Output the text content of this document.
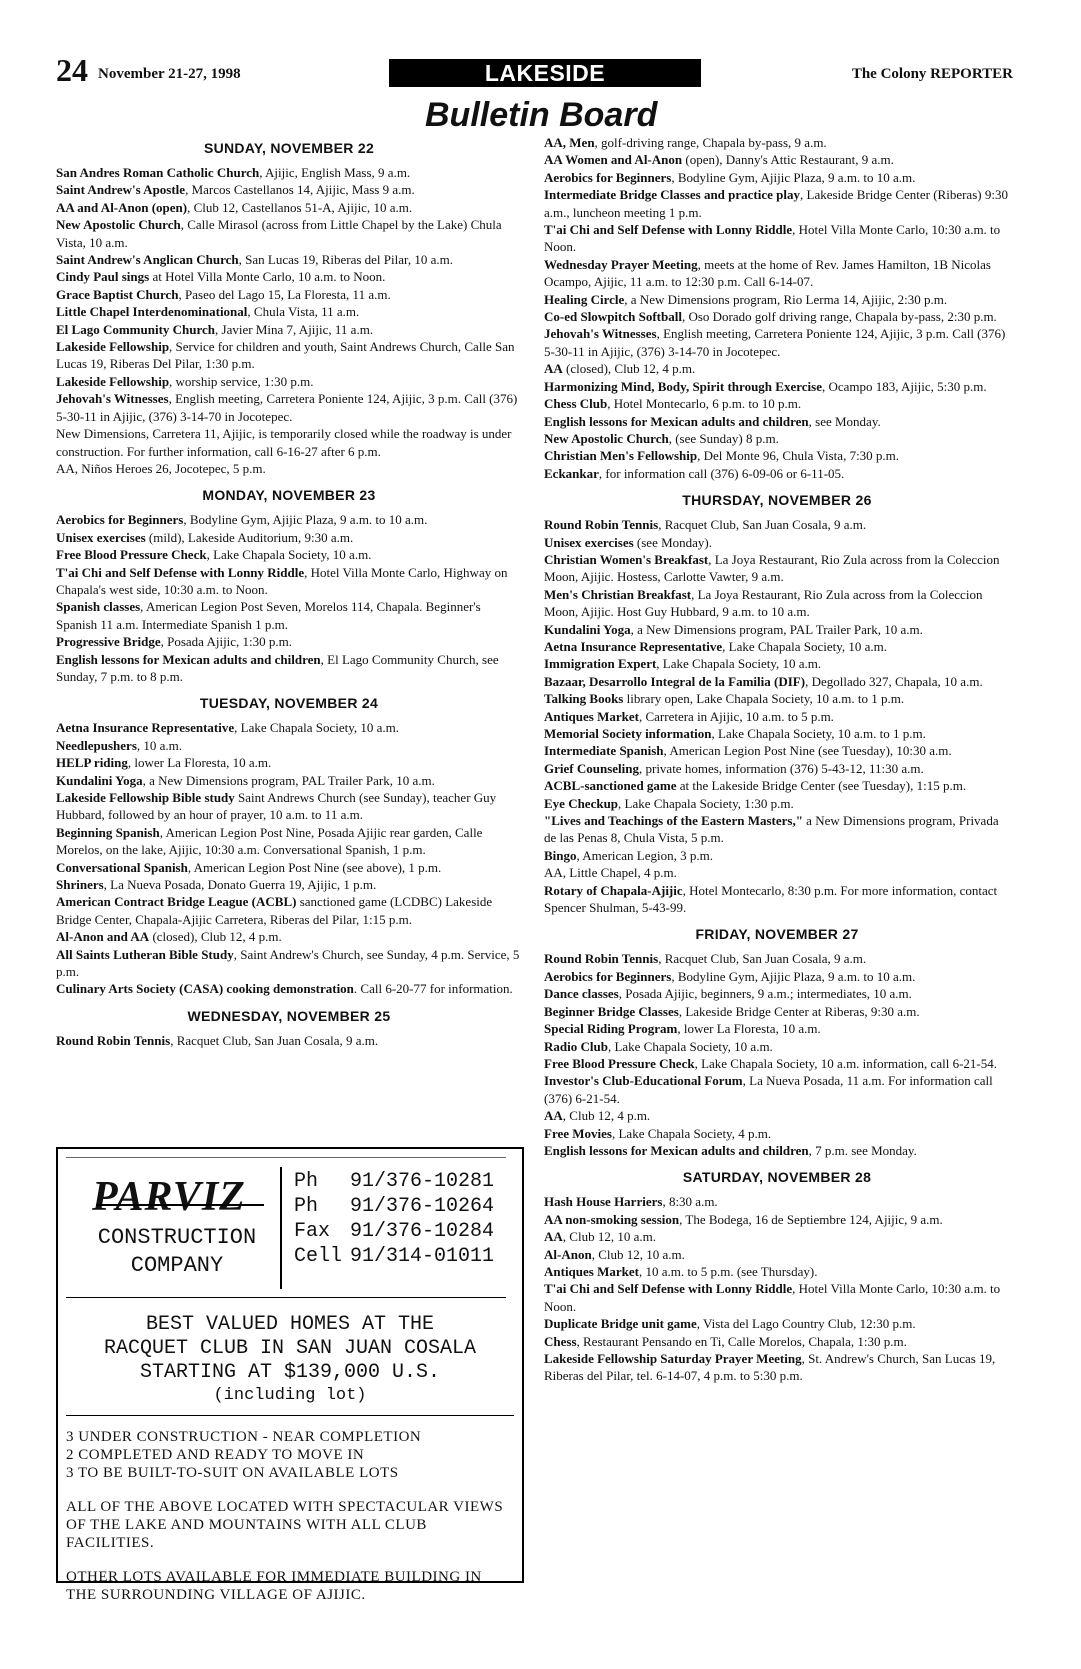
24 November 21-27, 1998	LAKESIDE	The Colony REPORTER
Bulletin Board
SUNDAY, NOVEMBER 22
San Andres Roman Catholic Church, Ajijic, English Mass, 9 a.m.
Saint Andrew's Apostle, Marcos Castellanos 14, Ajijic, Mass 9 a.m.
AA and Al-Anon (open), Club 12, Castellanos 51-A, Ajijic, 10 a.m.
New Apostolic Church, Calle Mirasol (across from Little Chapel by the Lake) Chula Vista, 10 a.m.
Saint Andrew's Anglican Church, San Lucas 19, Riberas del Pilar, 10 a.m.
Cindy Paul sings at Hotel Villa Monte Carlo, 10 a.m. to Noon.
Grace Baptist Church, Paseo del Lago 15, La Floresta, 11 a.m.
Little Chapel Interdenominational, Chula Vista, 11 a.m.
El Lago Community Church, Javier Mina 7, Ajijic, 11 a.m.
Lakeside Fellowship, Service for children and youth, Saint Andrews Church, Calle San Lucas 19, Riberas Del Pilar, 1:30 p.m.
Lakeside Fellowship, worship service, 1:30 p.m.
Jehovah's Witnesses, English meeting, Carretera Poniente 124, Ajijic, 3 p.m. Call (376) 5-30-11 in Ajijic, (376) 3-14-70 in Jocotepec.
New Dimensions, Carretera 11, Ajijic, is temporarily closed while the roadway is under construction. For further information, call 6-16-27 after 6 p.m.
AA, Niños Heroes 26, Jocotepec, 5 p.m.
MONDAY, NOVEMBER 23
Aerobics for Beginners, Bodyline Gym, Ajijic Plaza, 9 a.m. to 10 a.m.
Unisex exercises (mild), Lakeside Auditorium, 9:30 a.m.
Free Blood Pressure Check, Lake Chapala Society, 10 a.m.
T'ai Chi and Self Defense with Lonny Riddle, Hotel Villa Monte Carlo, Highway on Chapala's west side, 10:30 a.m. to Noon.
Spanish classes, American Legion Post Seven, Morelos 114, Chapala. Beginner's Spanish 11 a.m. Intermediate Spanish 1 p.m.
Progressive Bridge, Posada Ajijic, 1:30 p.m.
English lessons for Mexican adults and children, El Lago Community Church, see Sunday, 7 p.m. to 8 p.m.
TUESDAY, NOVEMBER 24
Aetna Insurance Representative, Lake Chapala Society, 10 a.m.
Needlepushers, 10 a.m.
HELP riding, lower La Floresta, 10 a.m.
Kundalini Yoga, a New Dimensions program, PAL Trailer Park, 10 a.m.
Lakeside Fellowship Bible study Saint Andrews Church (see Sunday), teacher Guy Hubbard, followed by an hour of prayer, 10 a.m. to 11 a.m.
Beginning Spanish, American Legion Post Nine, Posada Ajijic rear garden, Calle Morelos, on the lake, Ajijic, 10:30 a.m. Conversational Spanish, 1 p.m.
Conversational Spanish, American Legion Post Nine (see above), 1 p.m.
Shriners, La Nueva Posada, Donato Guerra 19, Ajijic, 1 p.m.
American Contract Bridge League (ACBL) sanctioned game (LCDBC) Lakeside Bridge Center, Chapala-Ajijic Carretera, Riberas del Pilar, 1:15 p.m.
Al-Anon and AA (closed), Club 12, 4 p.m.
All Saints Lutheran Bible Study, Saint Andrew's Church, see Sunday, 4 p.m. Service, 5 p.m.
Culinary Arts Society (CASA) cooking demonstration. Call 6-20-77 for information.
WEDNESDAY, NOVEMBER 25
Round Robin Tennis, Racquet Club, San Juan Cosala, 9 a.m.
AA, Men, golf-driving range, Chapala by-pass, 9 a.m.
AA Women and Al-Anon (open), Danny's Attic Restaurant, 9 a.m.
Aerobics for Beginners, Bodyline Gym, Ajijic Plaza, 9 a.m. to 10 a.m.
Intermediate Bridge Classes and practice play, Lakeside Bridge Center (Riberas) 9:30 a.m., luncheon meeting 1 p.m.
T'ai Chi and Self Defense with Lonny Riddle, Hotel Villa Monte Carlo, 10:30 a.m. to Noon.
Wednesday Prayer Meeting, meets at the home of Rev. James Hamilton, 1B Nicolas Ocampo, Ajijic, 11 a.m. to 12:30 p.m. Call 6-14-07.
Healing Circle, a New Dimensions program, Rio Lerma 14, Ajijic, 2:30 p.m.
Co-ed Slowpitch Softball, Oso Dorado golf driving range, Chapala by-pass, 2:30 p.m.
Jehovah's Witnesses, English meeting, Carretera Poniente 124, Ajijic, 3 p.m. Call (376) 5-30-11 in Ajijic, (376) 3-14-70 in Jocotepec.
AA (closed), Club 12, 4 p.m.
Harmonizing Mind, Body, Spirit through Exercise, Ocampo 183, Ajijic, 5:30 p.m.
Chess Club, Hotel Montecarlo, 6 p.m. to 10 p.m.
English lessons for Mexican adults and children, see Monday.
New Apostolic Church, (see Sunday) 8 p.m.
Christian Men's Fellowship, Del Monte 96, Chula Vista, 7:30 p.m.
Eckankar, for information call (376) 6-09-06 or 6-11-05.
THURSDAY, NOVEMBER 26
Round Robin Tennis, Racquet Club, San Juan Cosala, 9 a.m.
Unisex exercises (see Monday).
Christian Women's Breakfast, La Joya Restaurant, Rio Zula across from la Coleccion Moon, Ajijic. Hostess, Carlotte Vawter, 9 a.m.
Men's Christian Breakfast, La Joya Restaurant, Rio Zula across from la Coleccion Moon, Ajijic. Host Guy Hubbard, 9 a.m. to 10 a.m.
Kundalini Yoga, a New Dimensions program, PAL Trailer Park, 10 a.m.
Aetna Insurance Representative, Lake Chapala Society, 10 a.m.
Immigration Expert, Lake Chapala Society, 10 a.m.
Bazaar, Desarrollo Integral de la Familia (DIF), Degollado 327, Chapala, 10 a.m.
Talking Books library open, Lake Chapala Society, 10 a.m. to 1 p.m.
Antiques Market, Carretera in Ajijic, 10 a.m. to 5 p.m.
Memorial Society information, Lake Chapala Society, 10 a.m. to 1 p.m.
Intermediate Spanish, American Legion Post Nine (see Tuesday), 10:30 a.m.
Grief Counseling, private homes, information (376) 5-43-12, 11:30 a.m.
ACBL-sanctioned game at the Lakeside Bridge Center (see Tuesday), 1:15 p.m.
Eye Checkup, Lake Chapala Society, 1:30 p.m.
"Lives and Teachings of the Eastern Masters," a New Dimensions program, Privada de las Penas 8, Chula Vista, 5 p.m.
Bingo, American Legion, 3 p.m.
AA, Little Chapel, 4 p.m.
Rotary of Chapala-Ajijic, Hotel Montecarlo, 8:30 p.m. For more information, contact Spencer Shulman, 5-43-99.
FRIDAY, NOVEMBER 27
Round Robin Tennis, Racquet Club, San Juan Cosala, 9 a.m.
Aerobics for Beginners, Bodyline Gym, Ajijic Plaza, 9 a.m. to 10 a.m.
Dance classes, Posada Ajijic, beginners, 9 a.m.; intermediates, 10 a.m.
Beginner Bridge Classes, Lakeside Bridge Center at Riberas, 9:30 a.m.
Special Riding Program, lower La Floresta, 10 a.m.
Radio Club, Lake Chapala Society, 10 a.m.
Free Blood Pressure Check, Lake Chapala Society, 10 a.m. information, call 6-21-54.
Investor's Club-Educational Forum, La Nueva Posada, 11 a.m. For information call (376) 6-21-54.
AA, Club 12, 4 p.m.
Free Movies, Lake Chapala Society, 4 p.m.
English lessons for Mexican adults and children, 7 p.m. see Monday.
SATURDAY, NOVEMBER 28
Hash House Harriers, 8:30 a.m.
AA non-smoking session, The Bodega, 16 de Septiembre 124, Ajijic, 9 a.m.
AA, Club 12, 10 a.m.
Al-Anon, Club 12, 10 a.m.
Antiques Market, 10 a.m. to 5 p.m. (see Thursday).
T'ai Chi and Self Defense with Lonny Riddle, Hotel Villa Monte Carlo, 10:30 a.m. to Noon.
Duplicate Bridge unit game, Vista del Lago Country Club, 12:30 p.m.
Chess, Restaurant Pensando en Ti, Calle Morelos, Chapala, 1:30 p.m.
Lakeside Fellowship Saturday Prayer Meeting, St. Andrew's Church, San Lucas 19, Riberas del Pilar, tel. 6-14-07, 4 p.m. to 5:30 p.m.
PARVIZ
CONSTRUCTION
COMPANY
Ph 91/376-10281
Ph 91/376-10264
Fax 91/376-10284
Cell 91/314-01011
BEST VALUED HOMES AT THE
RACQUET CLUB IN SAN JUAN COSALA
STARTING AT $139,000 U.S.
(including lot)
3 UNDER CONSTRUCTION - NEAR COMPLETION
2 COMPLETED AND READY TO MOVE IN
3 TO BE BUILT-TO-SUIT ON AVAILABLE LOTS
ALL OF THE ABOVE LOCATED WITH SPECTACULAR VIEWS OF THE LAKE AND MOUNTAINS WITH ALL CLUB FACILITIES.
OTHER LOTS AVAILABLE FOR IMMEDIATE BUILDING IN THE SURROUNDING VILLAGE OF AJIJIC.
